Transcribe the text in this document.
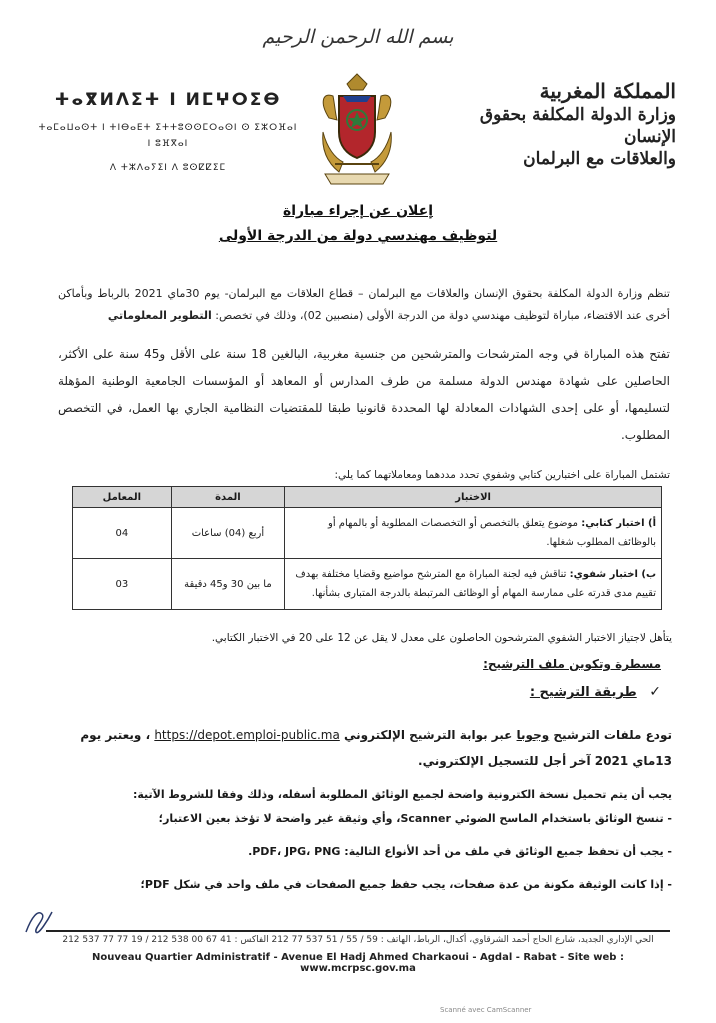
بسم الله الرحمن الرحيم
المملكة المغربية
وزارة الدولة المكلفة بحقوق الإنسان
والعلاقات مع البرلمان
ⵜⴰⴳⵍⴷⵉⵜ ⵏ ⵍⵎⵖⵔⵉⴱ
ⵜⴰⵎⴰⵡⴰⵙⵜ ⵏ ⵜⵏⴱⴰⴹⵜ ⵉⵜⵜⵓⵙⵙⵎⵔⴰⵙⵏ ⵙ ⵉⵣⵔⴼⴰⵏ ⵏ ⵓⴼⴳⴰⵏ
ⴷ ⵜⵣⴷⴰⵢⵉⵏ ⴷ ⵓⵙⵇⵇⵉⵎ
إعلان عن إجراء مباراة
لتوظيف مهندسي دولة من الدرجة الأولى
تنظم وزارة الدولة المكلفة بحقوق الإنسان والعلاقات مع البرلمان – قطاع العلاقات مع البرلمان- يوم 30ماي 2021 بالرباط وبأماكن أخرى عند الاقتضاء، مباراة لتوظيف مهندسي دولة من الدرجة الأولى (منصبين 02)، وذلك في تخصص: التطوير المعلوماتي
تفتح هذه المباراة في وجه المترشحات والمترشحين من جنسية مغربية، البالغين 18 سنة على الأقل و45 سنة على الأكثر، الحاصلين على شهادة مهندس الدولة مسلمة من طرف المدارس أو المعاهد أو المؤسسات الجامعية الوطنية المؤهلة لتسليمها، أو على إحدى الشهادات المعادلة لها المحددة قانونيا طبقا للمقتضيات النظامية الجاري بها العمل، في التخصص المطلوب.
تشتمل المباراة على اختبارين كتابي وشفوي تحدد مددهما ومعاملاتهما كما يلي:
الاختبار	المدة	المعامل
أ) اختبار كتابي: موضوع يتعلق بالتخصص أو التخصصات المطلوبة أو بالمهام أو بالوظائف المطلوب شغلها.	أربع (04) ساعات	04
ب) اختبار شفوي: تناقش فيه لجنة المباراة مع المترشح مواضيع وقضايا مختلفة بهدف تقييم مدى قدرته على ممارسة المهام أو الوظائف المرتبطة بالدرجة المتبارى بشأنها.	ما بين 30 و45 دقيقة	03
يتأهل لاجتياز الاختبار الشفوي المترشحون الحاصلون على معدل لا يقل عن 12 على 20 في الاختبار الكتابي.
مسطرة وتكوين ملف الترشيح:
✓ طريقة الترشيح :
تودع ملفات الترشيح وجوبا عبر بوابة الترشيح الإلكتروني https://depot.emploi-public.ma ، ويعتبر يوم 13ماي 2021 آخر أجل للتسجيل الإلكتروني.
يجب أن يتم تحميل نسخة الكترونية واضحة لجميع الوثائق المطلوبة أسفله، وذلك وفقا للشروط الآتية:
- تنسخ الوثائق باستخدام الماسح الضوئي Scanner، وأي وثيقة غير واضحة لا تؤخذ بعين الاعتبار؛
- يجب أن تحفظ جميع الوثائق في ملف من أحد الأنواع التالية: PDF، JPG، PNG.
- إذا كانت الوثيقة مكونة من عدة صفحات، يجب حفظ جميع الصفحات في ملف واحد في شكل PDF؛
الحي الإداري الجديد، شارع الحاج أحمد الشرقاوي، أكدال، الرباط، الهاتف : 59 / 55 / 51 537 77 212 الفاكس : 41 67 00 538 212 / 19 77 77 537 212
Nouveau Quartier Administratif - Avenue El Hadj Ahmed Charkaoui - Agdal - Rabat - Site web : www.mcrpsc.gov.ma
Scanné avec CamScanner
